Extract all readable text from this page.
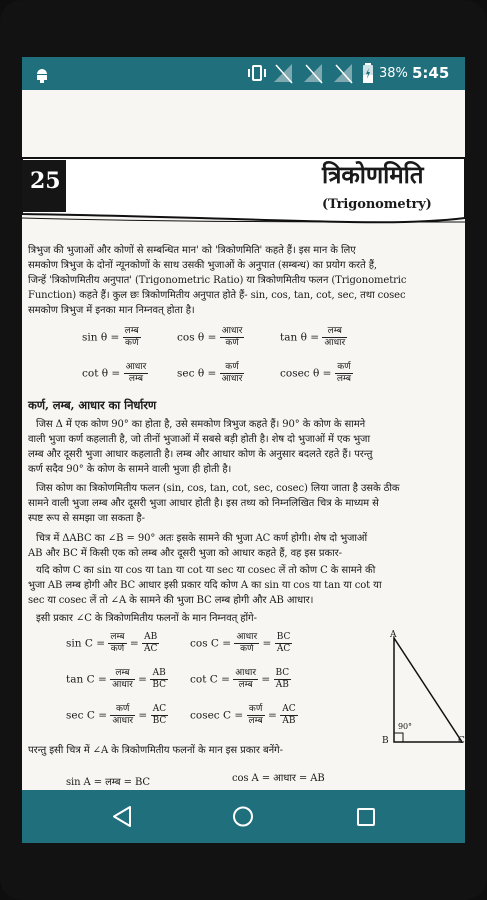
38% 5:45
25	त्रिकोणमिति
(Trigonometry)
त्रिभुज की भुजाओं और कोणों से सम्बन्धित मान' को 'त्रिकोणमिति' कहते हैं। इस मान के लिए
समकोण त्रिभुज के दोनों न्यूनकोणों के साथ उसकी भुजाओं के अनुपात (सम्बन्ध) का प्रयोग करते हैं,
जिन्हें 'त्रिकोणमितीय अनुपात' (Trigonometric Ratio) या त्रिकोणमितीय फलन (Trigonometric
Function) कहते हैं। कुल छः त्रिकोणमितीय अनुपात होते हैं- sin, cos, tan, cot, sec, तथा cosec
समकोण त्रिभुज में इनका मान निम्नवत् होता है।
$\sin \theta = \frac{\text{लम्ब}}{\text{कर्ण}}$	$\cos \theta = \frac{\text{आधार}}{\text{कर्ण}}$	$\tan \theta = \frac{\text{लम्ब}}{\text{आधार}}$
$\cot \theta = \frac{\text{आधार}}{\text{लम्ब}}$	$\sec \theta = \frac{\text{कर्ण}}{\text{आधार}}$	cosec $\theta = \frac{\text{कर्ण}}{\text{लम्ब}}$
कर्ण, लम्ब, आधार का निर्धारण
जिस Δ में एक कोण 90° का होता है, उसे समकोण त्रिभुज कहते हैं। 90° के कोण के सामने
वाली भुजा कर्ण कहलाती है, जो तीनों भुजाओं में सबसे बड़ी होती है। शेष दो भुजाओं में एक भुजा
लम्ब और दूसरी भुजा आधार कहलाती है। लम्ब और आधार कोण के अनुसार बदलते रहते हैं। परन्तु
कर्ण सदैव 90° के कोण के सामने वाली भुजा ही होती है।
जिस कोण का त्रिकोणमितीय फलन (sin, cos, tan, cot, sec, cosec) लिया जाता है उसके ठीक
सामने वाली भुजा लम्ब और दूसरी भुजा आधार होती है। इस तथ्य को निम्नलिखित चित्र के माध्यम से
स्पष्ट रूप से समझा जा सकता है-
चित्र में ΔABC का ∠B = 90° अतः इसके सामने की भुजा AC कर्ण होगी। शेष दो भुजाओं
AB और BC में किसी एक को लम्ब और दूसरी भुजा को आधार कहते हैं, वह इस प्रकार-
यदि कोण C का sin या cos या tan या cot या sec या cosec लें तो कोण C के सामने की
भुजा AB लम्ब होगी और BC आधार इसी प्रकार यदि कोण A का sin या cos या tan या cot या
sec या cosec लें तो ∠A के सामने की भुजा BC लम्ब होगी और AB आधार।
इसी प्रकार ∠C के त्रिकोणमितीय फलनों के मान निम्नवत् होंगे-
$\sin C = \frac{\text{लम्ब}}{\text{कर्ण}} = \frac{AB}{AC}$	$\cos C = \frac{\text{आधार}}{\text{कर्ण}} = \frac{BC}{AC}$
$\tan C = \frac{\text{लम्ब}}{\text{आधार}} = \frac{AB}{BC}$ $\cot C = \frac{\text{आधार}}{\text{लम्ब}} = \frac{BC}{AB}$
$\sec C = \frac{\text{कर्ण}}{\text{आधार}} = \frac{AC}{BC}$ cosec $C = \frac{\text{कर्ण}}{\text{लम्ब}} = \frac{AC}{AB}$
परन्तु इसी चित्र में ∠A के त्रिकोणमितीय फलनों के मान इस प्रकार बनेंगे-
sin A = लम्ब = BC	cos A = आधार = AB
A
B	C
90°
